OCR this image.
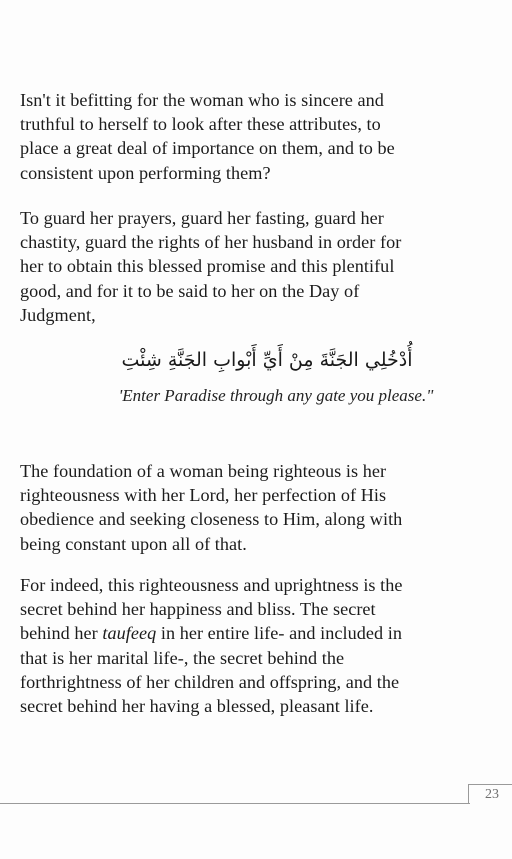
Isn't it befitting for the woman who is sincere and
truthful to herself to look after these attributes, to
place a great deal of importance on them, and to be
consistent upon performing them?

To guard her prayers, guard her fasting, guard her
chastity, guard the rights of her husband in order for
her to obtain this blessed promise and this plentiful
good, and for it to be said to her on the Day of
Judgment,

أُدْخُلِي الجَنَّةَ مِنْ أَيِّ أَبْوابِ الجَنَّةِ شِئْتِ
'Enter Paradise through any gate you please."

The foundation of a woman being righteous is her
righteousness with her Lord, her perfection of His
obedience and seeking closeness to Him, along with
being constant upon all of that.

For indeed, this righteousness and uprightness is the
secret behind her happiness and bliss. The secret
behind her taufeeq in her entire life- and included in
that is her marital life-, the secret behind the
forthrightness of her children and offspring, and the
secret behind her having a blessed, pleasant life.

23
